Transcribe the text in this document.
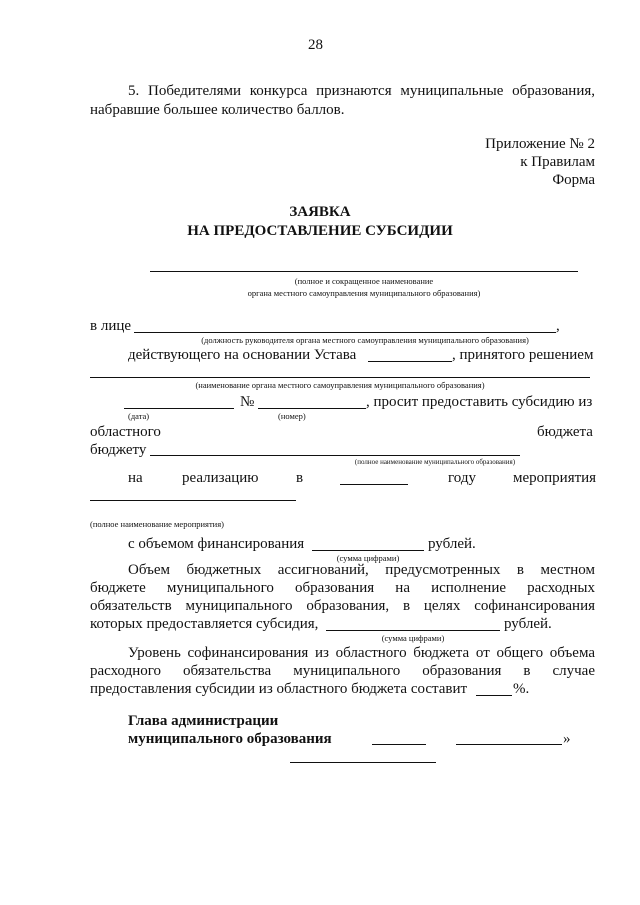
28
5. Победителями конкурса признаются муниципальные образования,
набравшие большее количество баллов.
Приложение № 2
к Правилам
Форма
ЗАЯВКА
НА ПРЕДОСТАВЛЕНИЕ СУБСИДИИ
(полное и сокращенное наименование
органа местного самоуправления муниципального образования)
в лице	,
(должность руководителя органа местного самоуправления муниципального образования)
действующего на основании Устава	, принятого решением
(наименование органа местного самоуправления муниципального образования)
№	, просит предоставить субсидию из
(дата)	(номер)
областного	бюджета
бюджету
(полное наименование муниципального образования)
на	реализацию	в	году мероприятия
(полное наименование мероприятия)
с объемом финансирования	рублей.
(сумма цифрами)
Объем бюджетных ассигнований, предусмотренных в местном
бюджете муниципального образования на исполнение расходных
обязательств муниципального образования, в целях софинансирования
которых предоставляется субсидия,	рублей.
(сумма цифрами)
Уровень софинансирования из областного бюджета от общего объема
расходного обязательства муниципального образования в случае
предоставления субсидии из областного бюджета составит	%.
Глава администрации
муниципального образования	»
